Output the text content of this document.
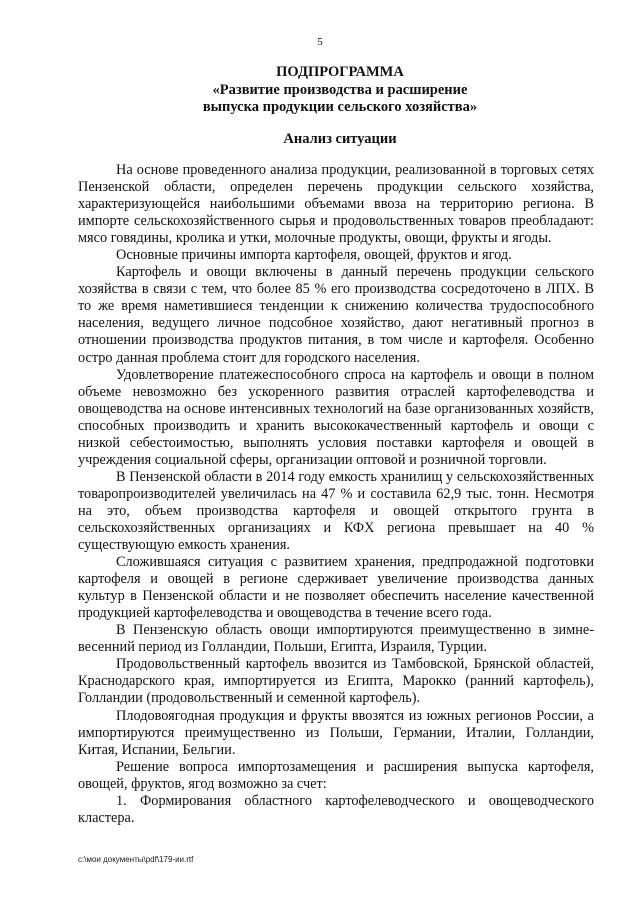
5
ПОДПРОГРАММА
«Развитие производства и расширение
выпуска продукции сельского хозяйства»
Анализ ситуации

На основе проведенного анализа продукции, реализованной в торговых сетях Пензенской области, определен перечень продукции сельского хозяйства, характеризующейся наибольшими объемами ввоза на территорию региона. В импорте сельскохозяйственного сырья и продовольственных товаров преобладают: мясо говядины, кролика и утки, молочные продукты, овощи, фрукты и ягоды.

Основные причины импорта картофеля, овощей, фруктов и ягод.

Картофель и овощи включены в данный перечень продукции сельского хозяйства в связи с тем, что более 85 % его производства сосредоточено в ЛПХ. В то же время наметившиеся тенденции к снижению количества трудоспособного населения, ведущего личное подсобное хозяйство, дают негативный прогноз в отношении производства продуктов питания, в том числе и картофеля. Особенно остро данная проблема стоит для городского населения.

Удовлетворение платежеспособного спроса на картофель и овощи в полном объеме невозможно без ускоренного развития отраслей картофелеводства и овощеводства на основе интенсивных технологий на базе организованных хозяйств, способных производить и хранить высококачественный картофель и овощи с низкой себестоимостью, выполнять условия поставки картофеля и овощей в учреждения социальной сферы, организации оптовой и розничной торговли.

В Пензенской области в 2014 году емкость хранилищ у сельскохозяйственных товаропроизводителей увеличилась на 47 % и составила 62,9 тыс. тонн. Несмотря на это, объем производства картофеля и овощей открытого грунта в сельскохозяйственных организациях и КФХ региона превышает на 40 % существующую емкость хранения.

Сложившаяся ситуация с развитием хранения, предпродажной подготовки картофеля и овощей в регионе сдерживает увеличение производства данных культур в Пензенской области и не позволяет обеспечить население качественной продукцией картофелеводства и овощеводства в течение всего года.

В Пензенскую область овощи импортируются преимущественно в зимне-весенний период из Голландии, Польши, Египта, Израиля, Турции.

Продовольственный картофель ввозится из Тамбовской, Брянской областей, Краснодарского края, импортируется из Египта, Марокко (ранний картофель), Голландии (продовольственный и семенной картофель).

Плодовоягодная продукция и фрукты ввозятся из южных регионов России, а импортируются преимущественно из Польши, Германии, Италии, Голландии, Китая, Испании, Бельгии.

Решение вопроса импортозамещения и расширения выпуска картофеля, овощей, фруктов, ягод возможно за счет:

1. Формирования областного картофелеводческого и овощеводческого кластера.

c:\мои документы\pdf\179-ии.rtf
